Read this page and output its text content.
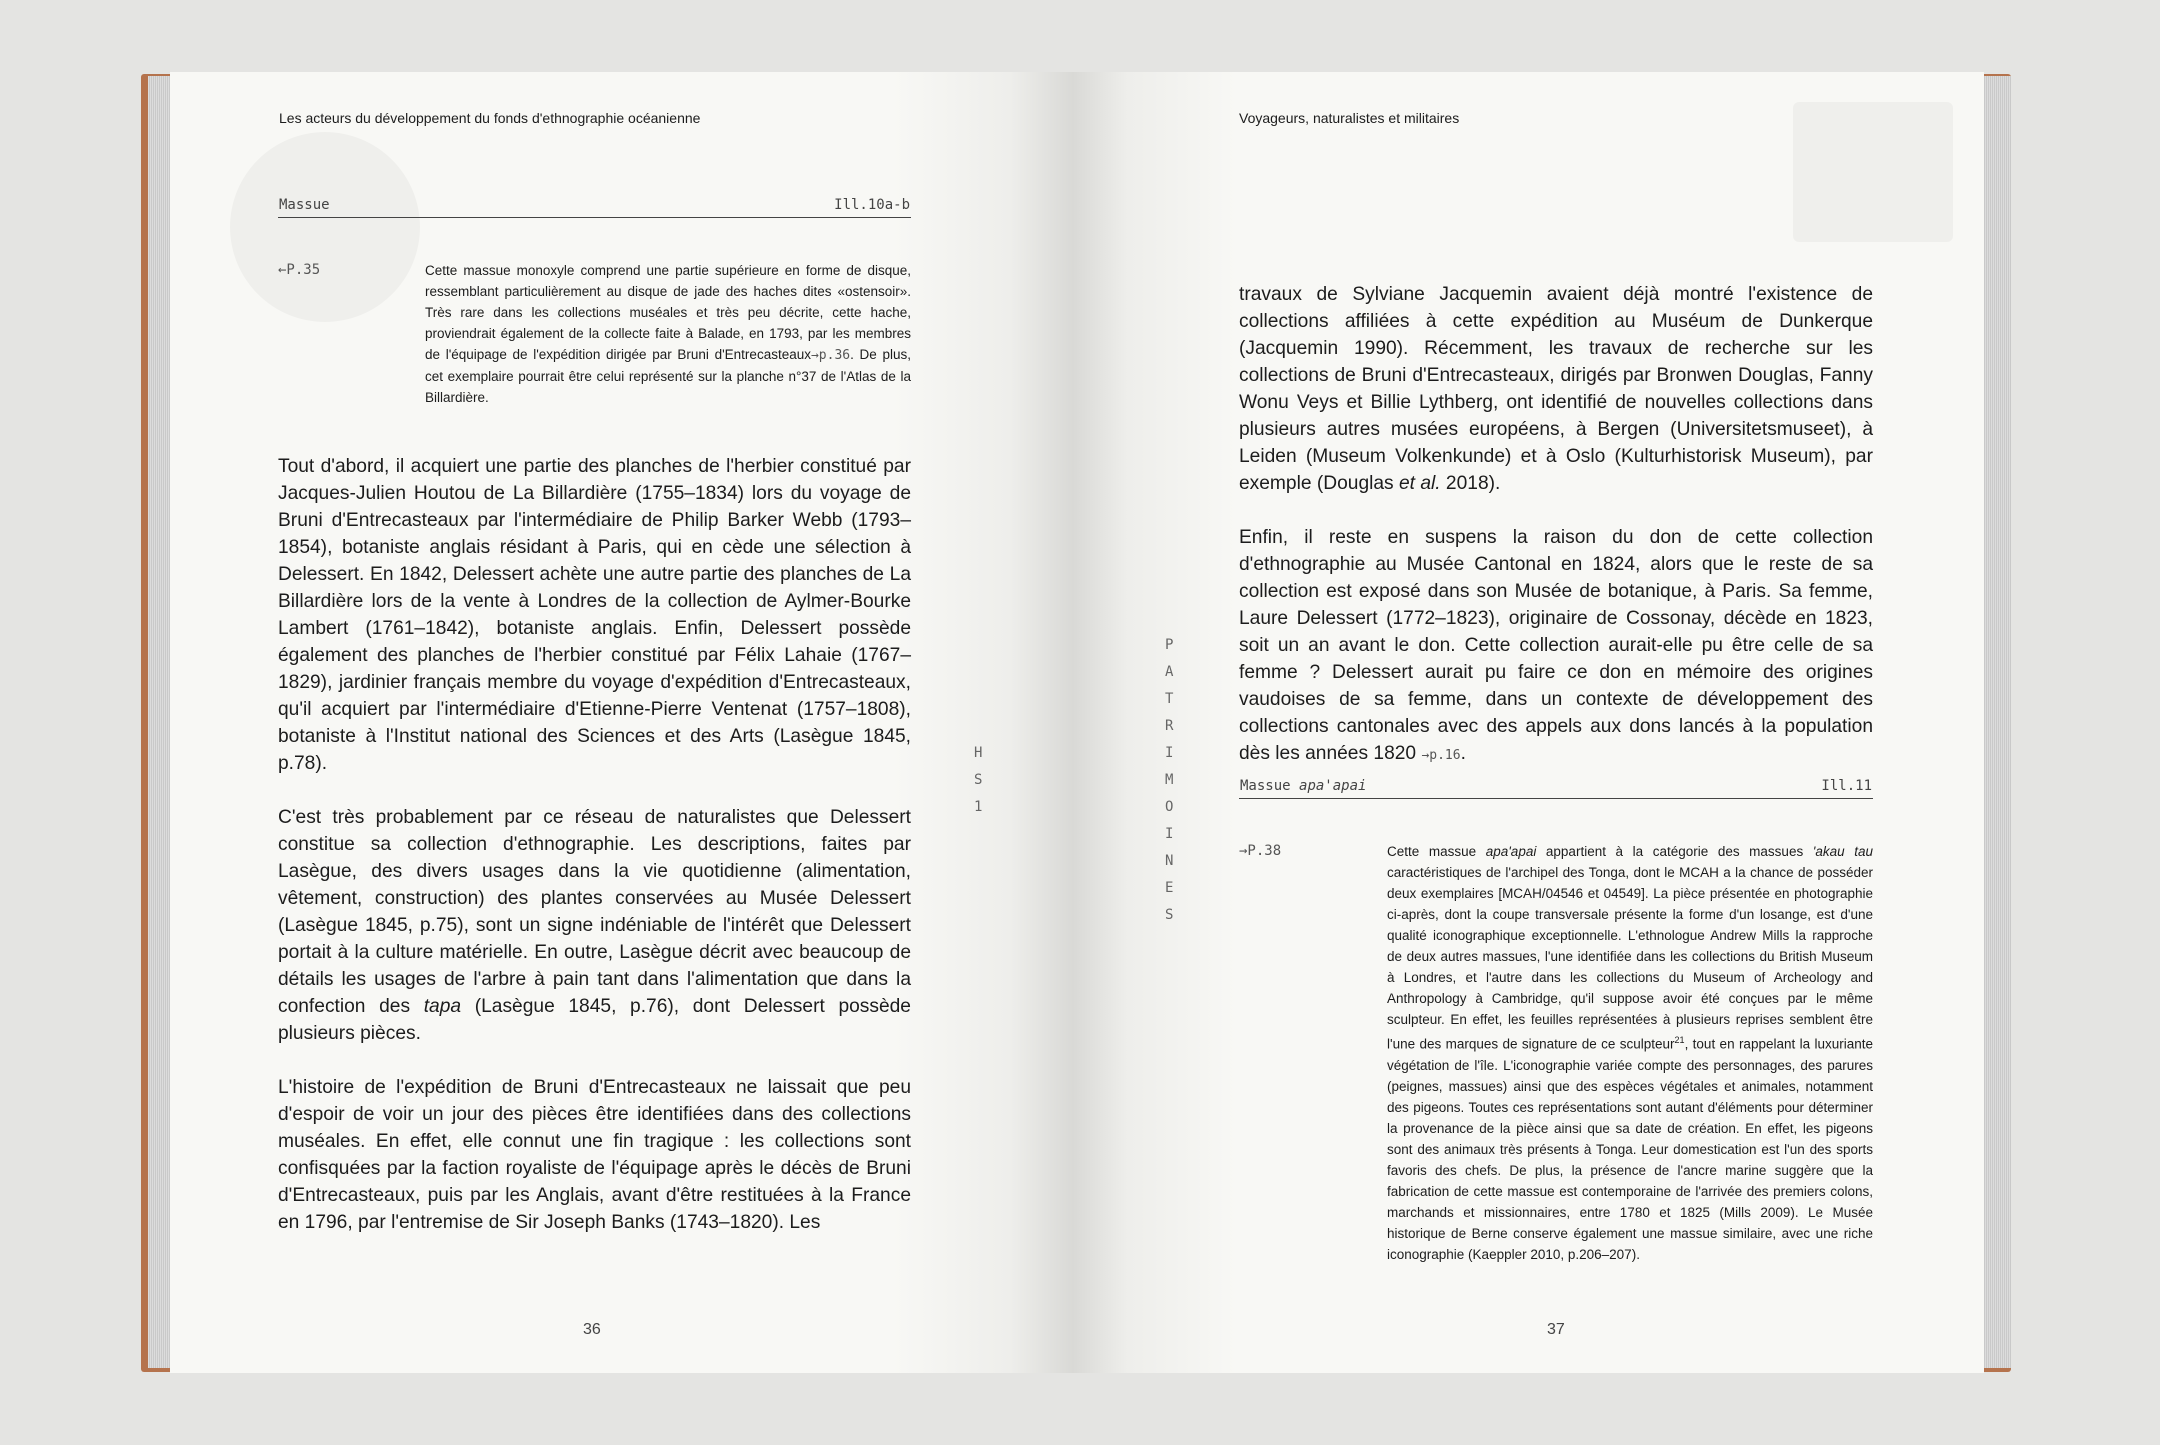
Les acteurs du développement du fonds d'ethnographie océanienne
Massue	Ill.10a-b
←P.35	Cette massue monoxyle comprend une partie supérieure en forme de disque, ressemblant particulièrement au disque de jade des haches dites «ostensoir». Très rare dans les collections muséales et très peu décrite, cette hache, proviendrait également de la collecte faite à Balade, en 1793, par les membres de l'équipage de l'expédition dirigée par Bruni d'Entrecasteaux→p.36. De plus, cet exemplaire pourrait être celui représenté sur la planche n°37 de l'Atlas de la Billardière.

Tout d'abord, il acquiert une partie des planches de l'herbier constitué par Jacques-Julien Houtou de La Billardière (1755–1834) lors du voyage de Bruni d'Entrecasteaux par l'intermédiaire de Philip Barker Webb (1793–1854), botaniste anglais résidant à Paris, qui en cède une sélection à Delessert. En 1842, Delessert achète une autre partie des planches de La Billardière lors de la vente à Londres de la collection de Aylmer-Bourke Lambert (1761–1842), botaniste anglais. Enfin, Delessert possède également des planches de l'herbier constitué par Félix Lahaie (1767–1829), jardinier français membre du voyage d'expédition d'Entrecasteaux, qu'il acquiert par l'intermédiaire d'Etienne-Pierre Ventenat (1757–1808), botaniste à l'Institut national des Sciences et des Arts (Lasègue 1845, p.78).

C'est très probablement par ce réseau de naturalistes que Delessert constitue sa collection d'ethnographie. Les descriptions, faites par Lasègue, des divers usages dans la vie quotidienne (alimentation, vêtement, construction) des plantes conservées au Musée Delessert (Lasègue 1845, p.75), sont un signe indéniable de l'intérêt que Delessert portait à la culture matérielle. En outre, Lasègue décrit avec beaucoup de détails les usages de l'arbre à pain tant dans l'alimentation que dans la confection des tapa (Lasègue 1845, p.76), dont Delessert possède plusieurs pièces.

L'histoire de l'expédition de Bruni d'Entrecasteaux ne laissait que peu d'espoir de voir un jour des pièces être identifiées dans des collections muséales. En effet, elle connut une fin tragique : les collections sont confisquées par la faction royaliste de l'équipage après le décès de Bruni d'Entrecasteaux, puis par les Anglais, avant d'être restituées à la France en 1796, par l'entremise de Sir Joseph Banks (1743–1820). Les

H
S
1
36
Voyageurs, naturalistes et militaires

travaux de Sylviane Jacquemin avaient déjà montré l'existence de collections affiliées à cette expédition au Muséum de Dunkerque (Jacquemin 1990). Récemment, les travaux de recherche sur les collections de Bruni d'Entrecasteaux, dirigés par Bronwen Douglas, Fanny Wonu Veys et Billie Lythberg, ont identifié de nouvelles collections dans plusieurs autres musées européens, à Bergen (Universitetsmuseet), à Leiden (Museum Volkenkunde) et à Oslo (Kulturhistorisk Museum), par exemple (Douglas et al. 2018).

Enfin, il reste en suspens la raison du don de cette collection d'ethnographie au Musée Cantonal en 1824, alors que le reste de sa collection est exposé dans son Musée de botanique, à Paris. Sa femme, Laure Delessert (1772–1823), originaire de Cossonay, décède en 1823, soit un an avant le don. Cette collection aurait-elle pu être celle de sa femme ? Delessert aurait pu faire ce don en mémoire des origines vaudoises de sa femme, dans un contexte de développement des collections cantonales avec des appels aux dons lancés à la population dès les années 1820 →p.16.

P
A
T
R
I
M
O
I
N
E
S
Massue apa'apai	Ill.11
→P.38	Cette massue apa'apai appartient à la catégorie des massues 'akau tau caractéristiques de l'archipel des Tonga, dont le MCAH a la chance de posséder deux exemplaires [MCAH/04546 et 04549]. La pièce présentée en photographie ci-après, dont la coupe transversale présente la forme d'un losange, est d'une qualité iconographique exceptionnelle. L'ethnologue Andrew Mills la rapproche de deux autres massues, l'une identifiée dans les collections du British Museum à Londres, et l'autre dans les collections du Museum of Archeology and Anthropology à Cambridge, qu'il suppose avoir été conçues par le même sculpteur. En effet, les feuilles représentées à plusieurs reprises semblent être l'une des marques de signature de ce sculpteur$^{21}$, tout en rappelant la luxuriante végétation de l'île. L'iconographie variée compte des personnages, des parures (peignes, massues) ainsi que des espèces végétales et animales, notamment des pigeons. Toutes ces représentations sont autant d'éléments pour déterminer la provenance de la pièce ainsi que sa date de création. En effet, les pigeons sont des animaux très présents à Tonga. Leur domestication est l'un des sports favoris des chefs. De plus, la présence de l'ancre marine suggère que la fabrication de cette massue est contemporaine de l'arrivée des premiers colons, marchands et missionnaires, entre 1780 et 1825 (Mills 2009). Le Musée historique de Berne conserve également une massue similaire, avec une riche iconographie (Kaeppler 2010, p.206–207).
37
